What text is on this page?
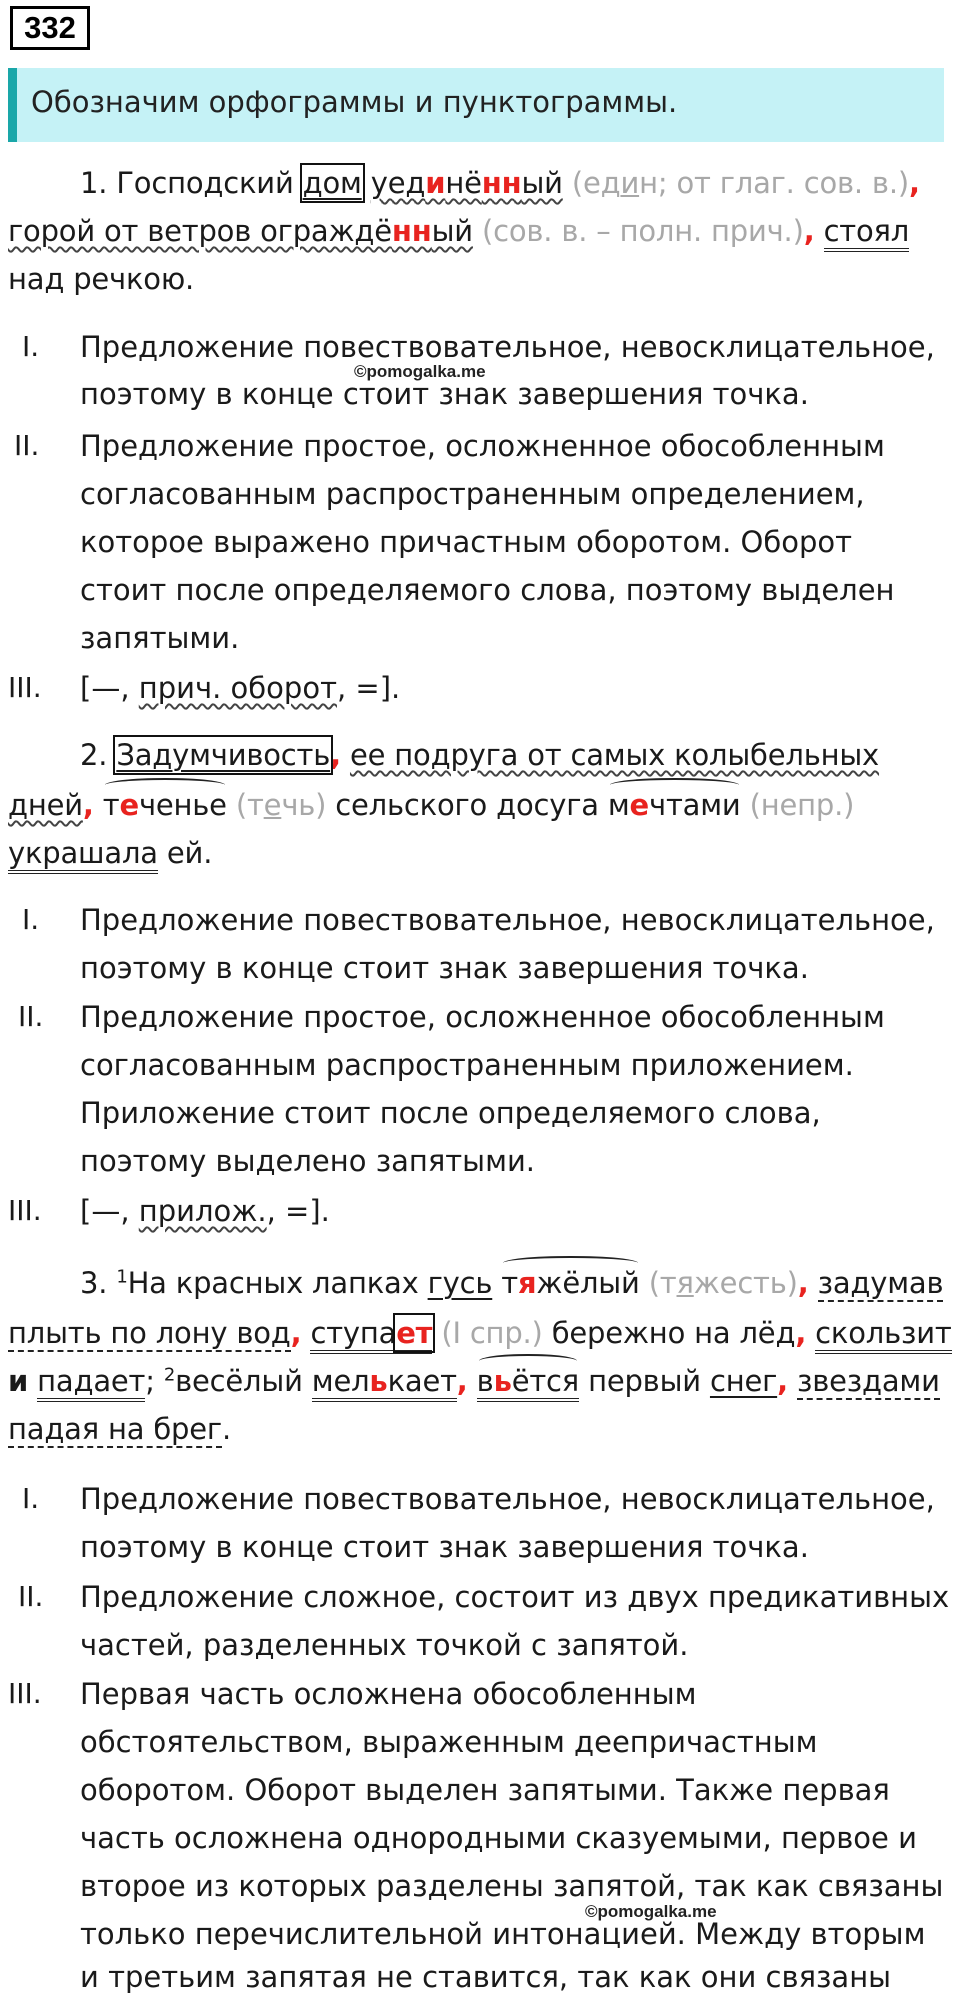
332
Обозначим орфограммы и пунктограммы.
1. Господский дом уединённый (един; от глаг. сов. в.),
горой от ветров ограждённый (сов. в. – полн. прич.), стоял
над речкою.
I. Предложение повествовательное, невосклицательное,
поэтому в конце стоит знак завершения точка.
©pomogalka.me
II. Предложение простое, осложненное обособленным
согласованным распространенным определением,
которое выражено причастным оборотом. Оборот
стоит после определяемого слова, поэтому выделен
запятыми.
III. [—, прич. оборот, =].
2. Задумчивость, ее подруга от самых колыбельных
дней, теченье (течь) сельского досуга мечтами (непр.)
украшала ей.
I. Предложение повествовательное, невосклицательное,
поэтому в конце стоит знак завершения точка.
II. Предложение простое, осложненное обособленным
согласованным распространенным приложением.
Приложение стоит после определяемого слова,
поэтому выделено запятыми.
III. [—, прилож., =].
3. $^1$На красных лапках гусь тяжёлый (тяжесть), задумав
плыть по лону вод, ступает (I спр.) бережно на лёд, скользит
и падает; $^2$весёлый мелькает, вьётся первый снег, звездами
падая на брег.
I. Предложение повествовательное, невосклицательное,
поэтому в конце стоит знак завершения точка.
II. Предложение сложное, состоит из двух предикативных
частей, разделенных точкой с запятой.
III. Первая часть осложнена обособленным
обстоятельством, выраженным деепричастным
оборотом. Оборот выделен запятыми. Также первая
часть осложнена однородными сказуемыми, первое и
второе из которых разделены запятой, так как связаны
©pomogalka.me
только перечислительной интонацией. Между вторым
и третьим запятая не ставится, так как они связаны
